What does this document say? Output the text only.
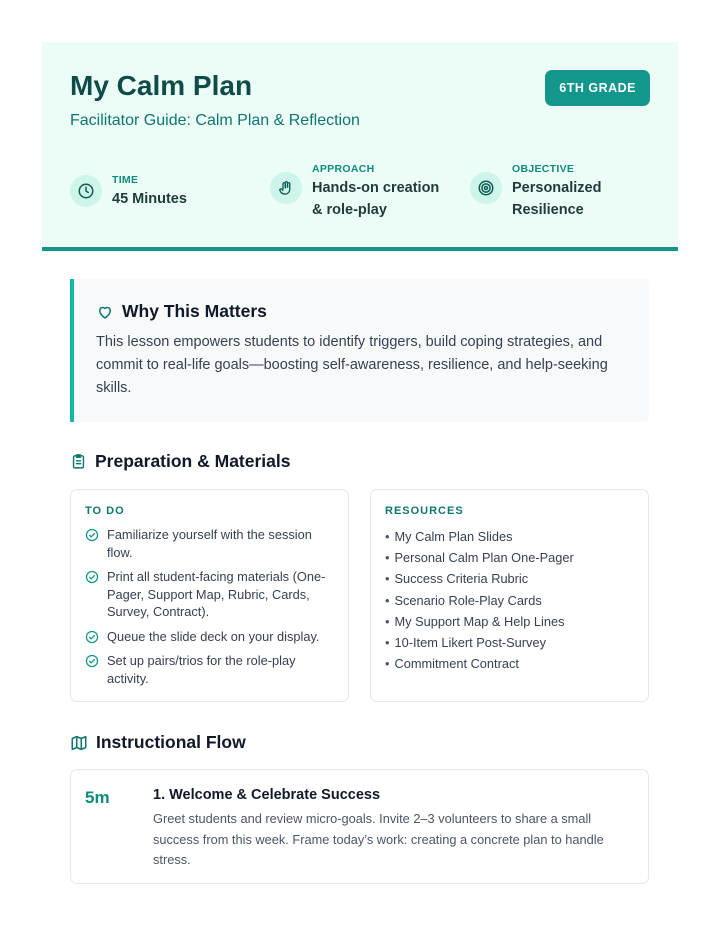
My Calm Plan
Facilitator Guide: Calm Plan & Reflection
6TH GRADE
TIME
45 Minutes
APPROACH
Hands-on creation
& role-play
OBJECTIVE
Personalized
Resilience
Why This Matters
This lesson empowers students to identify triggers, build coping strategies, and commit to real-life goals—boosting self-awareness, resilience, and help-seeking skills.
Preparation & Materials
TO DO
Familiarize yourself with the session flow.
Print all student-facing materials (One-Pager, Support Map, Rubric, Cards, Survey, Contract).
Queue the slide deck on your display.
Set up pairs/trios for the role-play activity.
RESOURCES
• My Calm Plan Slides
• Personal Calm Plan One-Pager
• Success Criteria Rubric
• Scenario Role-Play Cards
• My Support Map & Help Lines
• 10-Item Likert Post-Survey
• Commitment Contract
Instructional Flow
5m	1. Welcome & Celebrate Success
Greet students and review micro-goals. Invite 2–3 volunteers to share a small success from this week. Frame today’s work: creating a concrete plan to handle stress.
